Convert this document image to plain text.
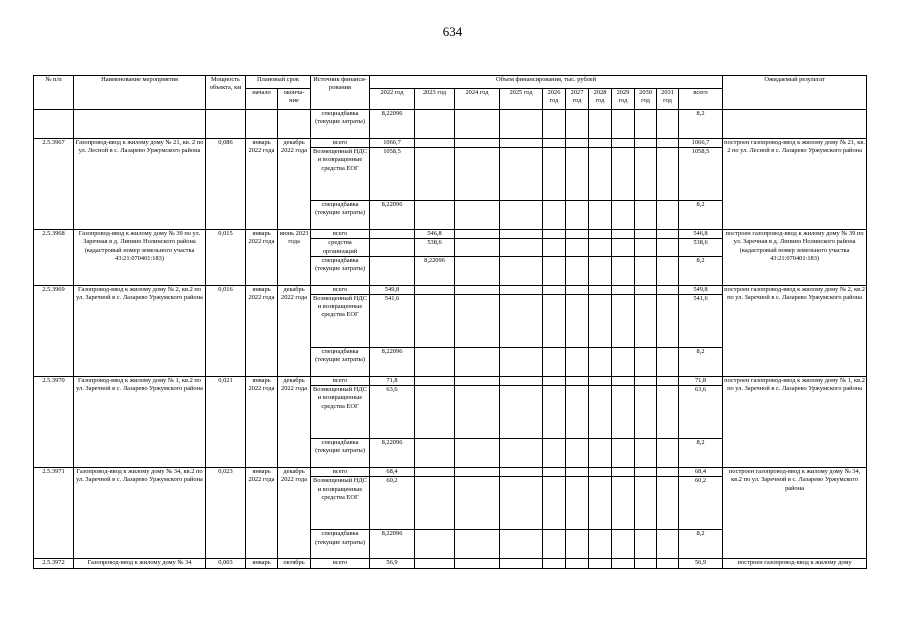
634
№ п/п	Наименование мероприятия	Мощность объекта, км	Плановый срок		Источник финанси-рования	Объем финансирования, тыс. рублей											Ожидаемый результат
			начало	оконча-ние		2022 год	2023 год	2024 год	2025 год	2026 год	2027 год	2028 год	2029 год	2030 год	2031 год	всего	
					спецнадбавка (текущие затраты)	8,22096										8,2	
2.5.3967	Газопровод-ввод к жилому дому № 21, кв. 2 по ул. Лесной в с. Лазарево Уржумского района	0,086	январь 2022 года	декабрь 2022 года	всего	1066,7										1066,7	построен газопровод-ввод к жилому дому № 21, кв. 2 по ул. Лесной в с. Лазарево Уржумского района
					Возмещенный НДС и возвращенные средства ЕОГ	1058,5										1058,5	
					спецнадбавка (текущие затраты)	8,22096										8,2	
2.5.3968	Газопровод-ввод к жилому дому № 39 по ул. Заречная в д. Липино Нолинского района (кадастровый номер земельного участка 43:21:070401:183)	0,015	январь 2022 года	июнь 2023 года	всего		546,8									546,8	построен газопровод-ввод к жилому дому № 39 по ул. Заречная в д. Липино Нолинского района (кадастровый номер земельного участка 43:21:070401:183)
					средства организаций		538,6									538,6	
					спецнадбавка (текущие затраты)		8,22096									8,2	
2.5.3969	Газопровод-ввод к жилому дому № 2, кв.2 по ул. Заречной в с. Лазарево Уржумского района	0,016	январь 2022 года	декабрь 2022 года	всего	549,8										549,8	построен газопровод-ввод к жилому дому № 2, кв.2 по ул. Заречной в с. Лазарево Уржумского района
					Возмещенный НДС и возвращенные средства ЕОГ	541,6										541,6	
					спецнадбавка (текущие затраты)	8,22096										8,2	
2.5.3970	Газопровод-ввод к жилому дому № 1, кв.2 по ул. Заречной в с. Лазарево Уржумского района	0,021	январь 2022 года	декабрь 2022 года	всего	71,8										71,8	построен газопровод-ввод к жилому дому № 1, кв.2 по ул. Заречной в с. Лазарево Уржумского района
					Возмещенный НДС и возвращенные средства ЕОГ	63,6										63,6	
					спецнадбавка (текущие затраты)	8,22096										8,2	
2.5.3971	Газопровод-ввод к жилому дому № 34, кв.2 по ул. Заречной в с. Лазарево Уржумского района	0,023	январь 2022 года	декабрь 2022 года	всего	68,4										68,4	построен газопровод-ввод к жилому дому № 34, кв.2 по ул. Заречной в с. Лазарево Уржумского района
					Возмещенный НДС и возвращенные средства ЕОГ	60,2										60,2	
					спецнадбавка (текущие затраты)	8,22096										8,2	
2.5.3972	Газопровод-ввод к жилому дому № 34	0,003	январь	октябрь	всего	56,9										56,9	построен газопровод-ввод к жилому дому
